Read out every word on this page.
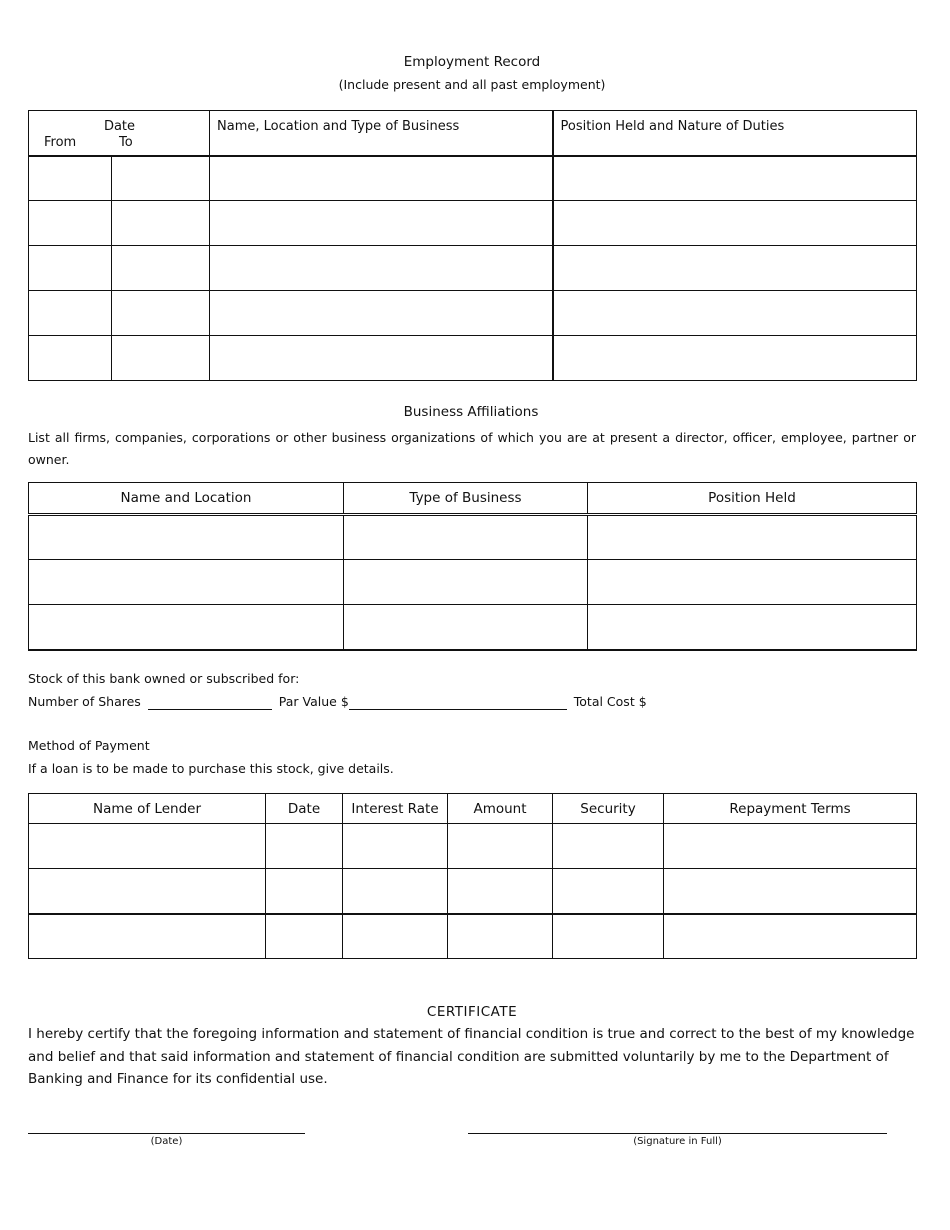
Employment Record
(Include present and all past employment)
Date
From To		Name, Location and Type of Business	Position Held and Nature of Duties

Business Affiliations
List all firms, companies, corporations or other business organizations of which you are at present a director, officer, employee, partner or owner.
Name and Location	Type of Business	Position Held

Stock of this bank owned or subscribed for:
Number of Shares	Par Value $	Total Cost $
Method of Payment
If a loan is to be made to purchase this stock, give details.
Name of Lender	Date	Interest Rate	Amount	Security	Repayment Terms

CERTIFICATE
I hereby certify that the foregoing information and statement of financial condition is true and correct to the best of my knowledge and belief and that said information and statement of financial condition are submitted voluntarily by me to the Department of Banking and Finance for its confidential use.
(Date)	(Signature in Full)
